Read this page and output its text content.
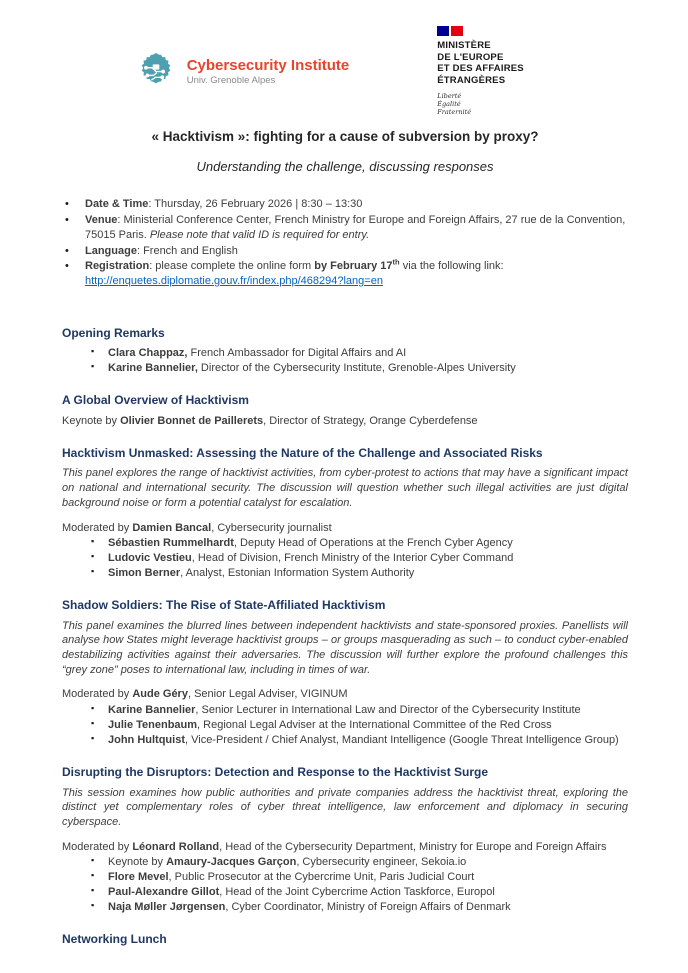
Cybersecurity Institute
Univ. Grenoble Alpes
MINISTÈRE
DE L'EUROPE
ET DES AFFAIRES
ÉTRANGÈRES
Liberté
Égalité
Fraternité
« Hacktivism »: fighting for a cause of subversion by proxy?
Understanding the challenge, discussing responses
• Date & Time: Thursday, 26 February 2026 | 8:30 – 13:30
• Venue: Ministerial Conference Center, French Ministry for Europe and Foreign Affairs, 27 rue de la Convention, 75015 Paris. Please note that valid ID is required for entry.
• Language: French and English
• Registration: please complete the online form by February 17th via the following link:
http://enquetes.diplomatie.gouv.fr/index.php/468294?lang=en
Opening Remarks
▪ Clara Chappaz, French Ambassador for Digital Affairs and AI
▪ Karine Bannelier, Director of the Cybersecurity Institute, Grenoble-Alpes University
A Global Overview of Hacktivism

Keynote by Olivier Bonnet de Paillerets, Director of Strategy, Orange Cyberdefense

Hacktivism Unmasked: Assessing the Nature of the Challenge and Associated Risks

This panel explores the range of hacktivist activities, from cyber-protest to actions that may have a significant impact on national and international security. The discussion will question whether such illegal activities are just digital background noise or form a potential catalyst for escalation.

Moderated by Damien Bancal, Cybersecurity journalist

▪ Sébastien Rummelhardt, Deputy Head of Operations at the French Cyber Agency
▪ Ludovic Vestieu, Head of Division, French Ministry of the Interior Cyber Command
▪ Simon Berner, Analyst, Estonian Information System Authority
Shadow Soldiers: The Rise of State-Affiliated Hacktivism

This panel examines the blurred lines between independent hacktivists and state-sponsored proxies. Panellists will analyse how States might leverage hacktivist groups – or groups masquerading as such – to conduct cyber-enabled destabilizing activities against their adversaries. The discussion will further explore the profound challenges this “grey zone” poses to international law, including in times of war.

Moderated by Aude Géry, Senior Legal Adviser, VIGINUM

▪ Karine Bannelier, Senior Lecturer in International Law and Director of the Cybersecurity Institute
▪ Julie Tenenbaum, Regional Legal Adviser at the International Committee of the Red Cross
▪ John Hultquist, Vice-President / Chief Analyst, Mandiant Intelligence (Google Threat Intelligence Group)
Disrupting the Disruptors: Detection and Response to the Hacktivist Surge

This session examines how public authorities and private companies address the hacktivist threat, exploring the distinct yet complementary roles of cyber threat intelligence, law enforcement and diplomacy in securing cyberspace.

Moderated by Léonard Rolland, Head of the Cybersecurity Department, Ministry for Europe and Foreign Affairs

▪ Keynote by Amaury-Jacques Garçon, Cybersecurity engineer, Sekoia.io
▪ Flore Mevel, Public Prosecutor at the Cybercrime Unit, Paris Judicial Court
▪ Paul-Alexandre Gillot, Head of the Joint Cybercrime Action Taskforce, Europol
▪ Naja Møller Jørgensen, Cyber Coordinator, Ministry of Foreign Affairs of Denmark
Networking Lunch
